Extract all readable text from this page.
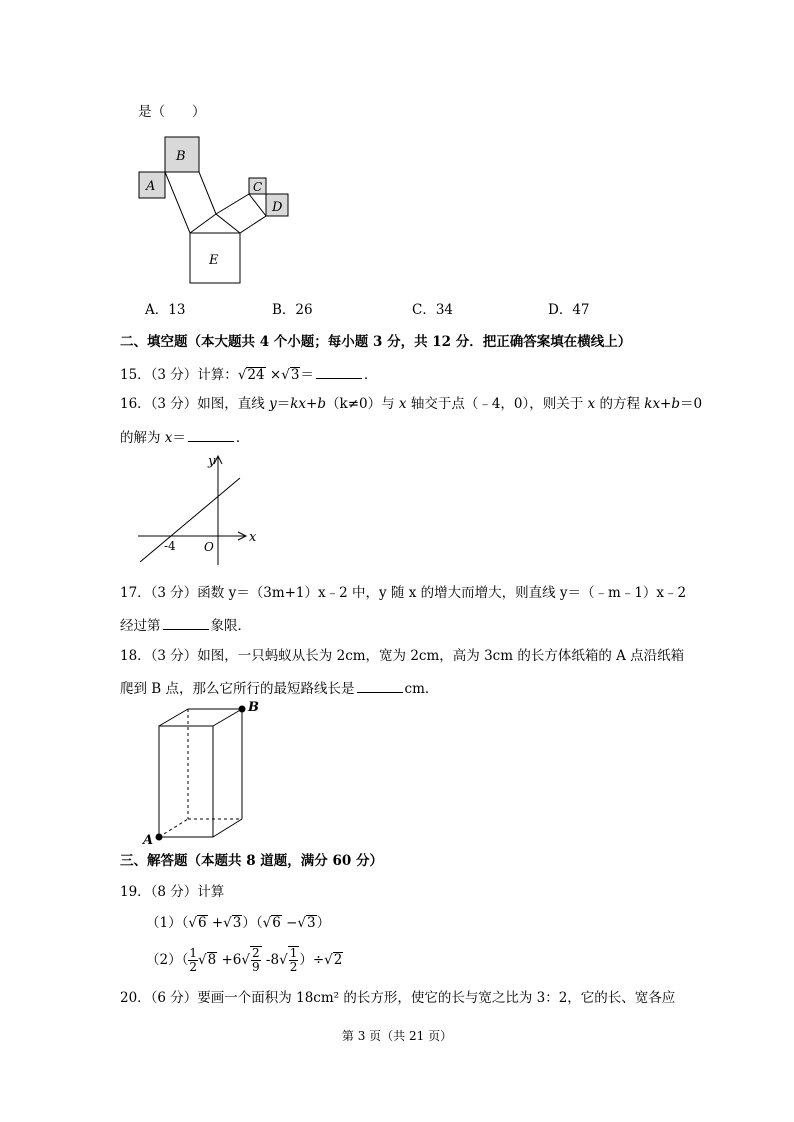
是（　　）
B
A	C
D
E
A．13	B．26	C．34	D．47
二、填空题（本大题共 4 个小题；每小题 3 分，共 12 分．把正确答案填在横线上）
15．（3 分）计算：√24 ×√3＝	．
16．（3 分）如图，直线 y＝kx+b（k≠0）与 x 轴交于点（﹣4，0），则关于 x 的方程 kx+b＝0
的解为 x＝	．
y
x
-4 O
17．（3 分）函数 y＝（3m+1）x﹣2 中，y 随 x 的增大而增大，则直线 y＝（﹣m﹣1）x﹣2
经过第	象限．
18．（3 分）如图，一只蚂蚁从长为 2cm，宽为 2cm，高为 3cm 的长方体纸箱的 A 点沿纸箱
爬到 B 点，那么它所行的最短路线长是	cm．
A
B
三、解答题（本题共 8 道题，满分 60 分）
19．（8 分）计算
（1）（√6 +√3）（√6 −√3）
$(2)( \frac{1}{2} √8 +6√ \frac{2}{9} -8√ \frac{1}{2} )\div√2$
20．（6 分）要画一个面积为 18cm² 的长方形，使它的长与宽之比为 3：2，它的长、宽各应
第 3 页（共 21 页）
